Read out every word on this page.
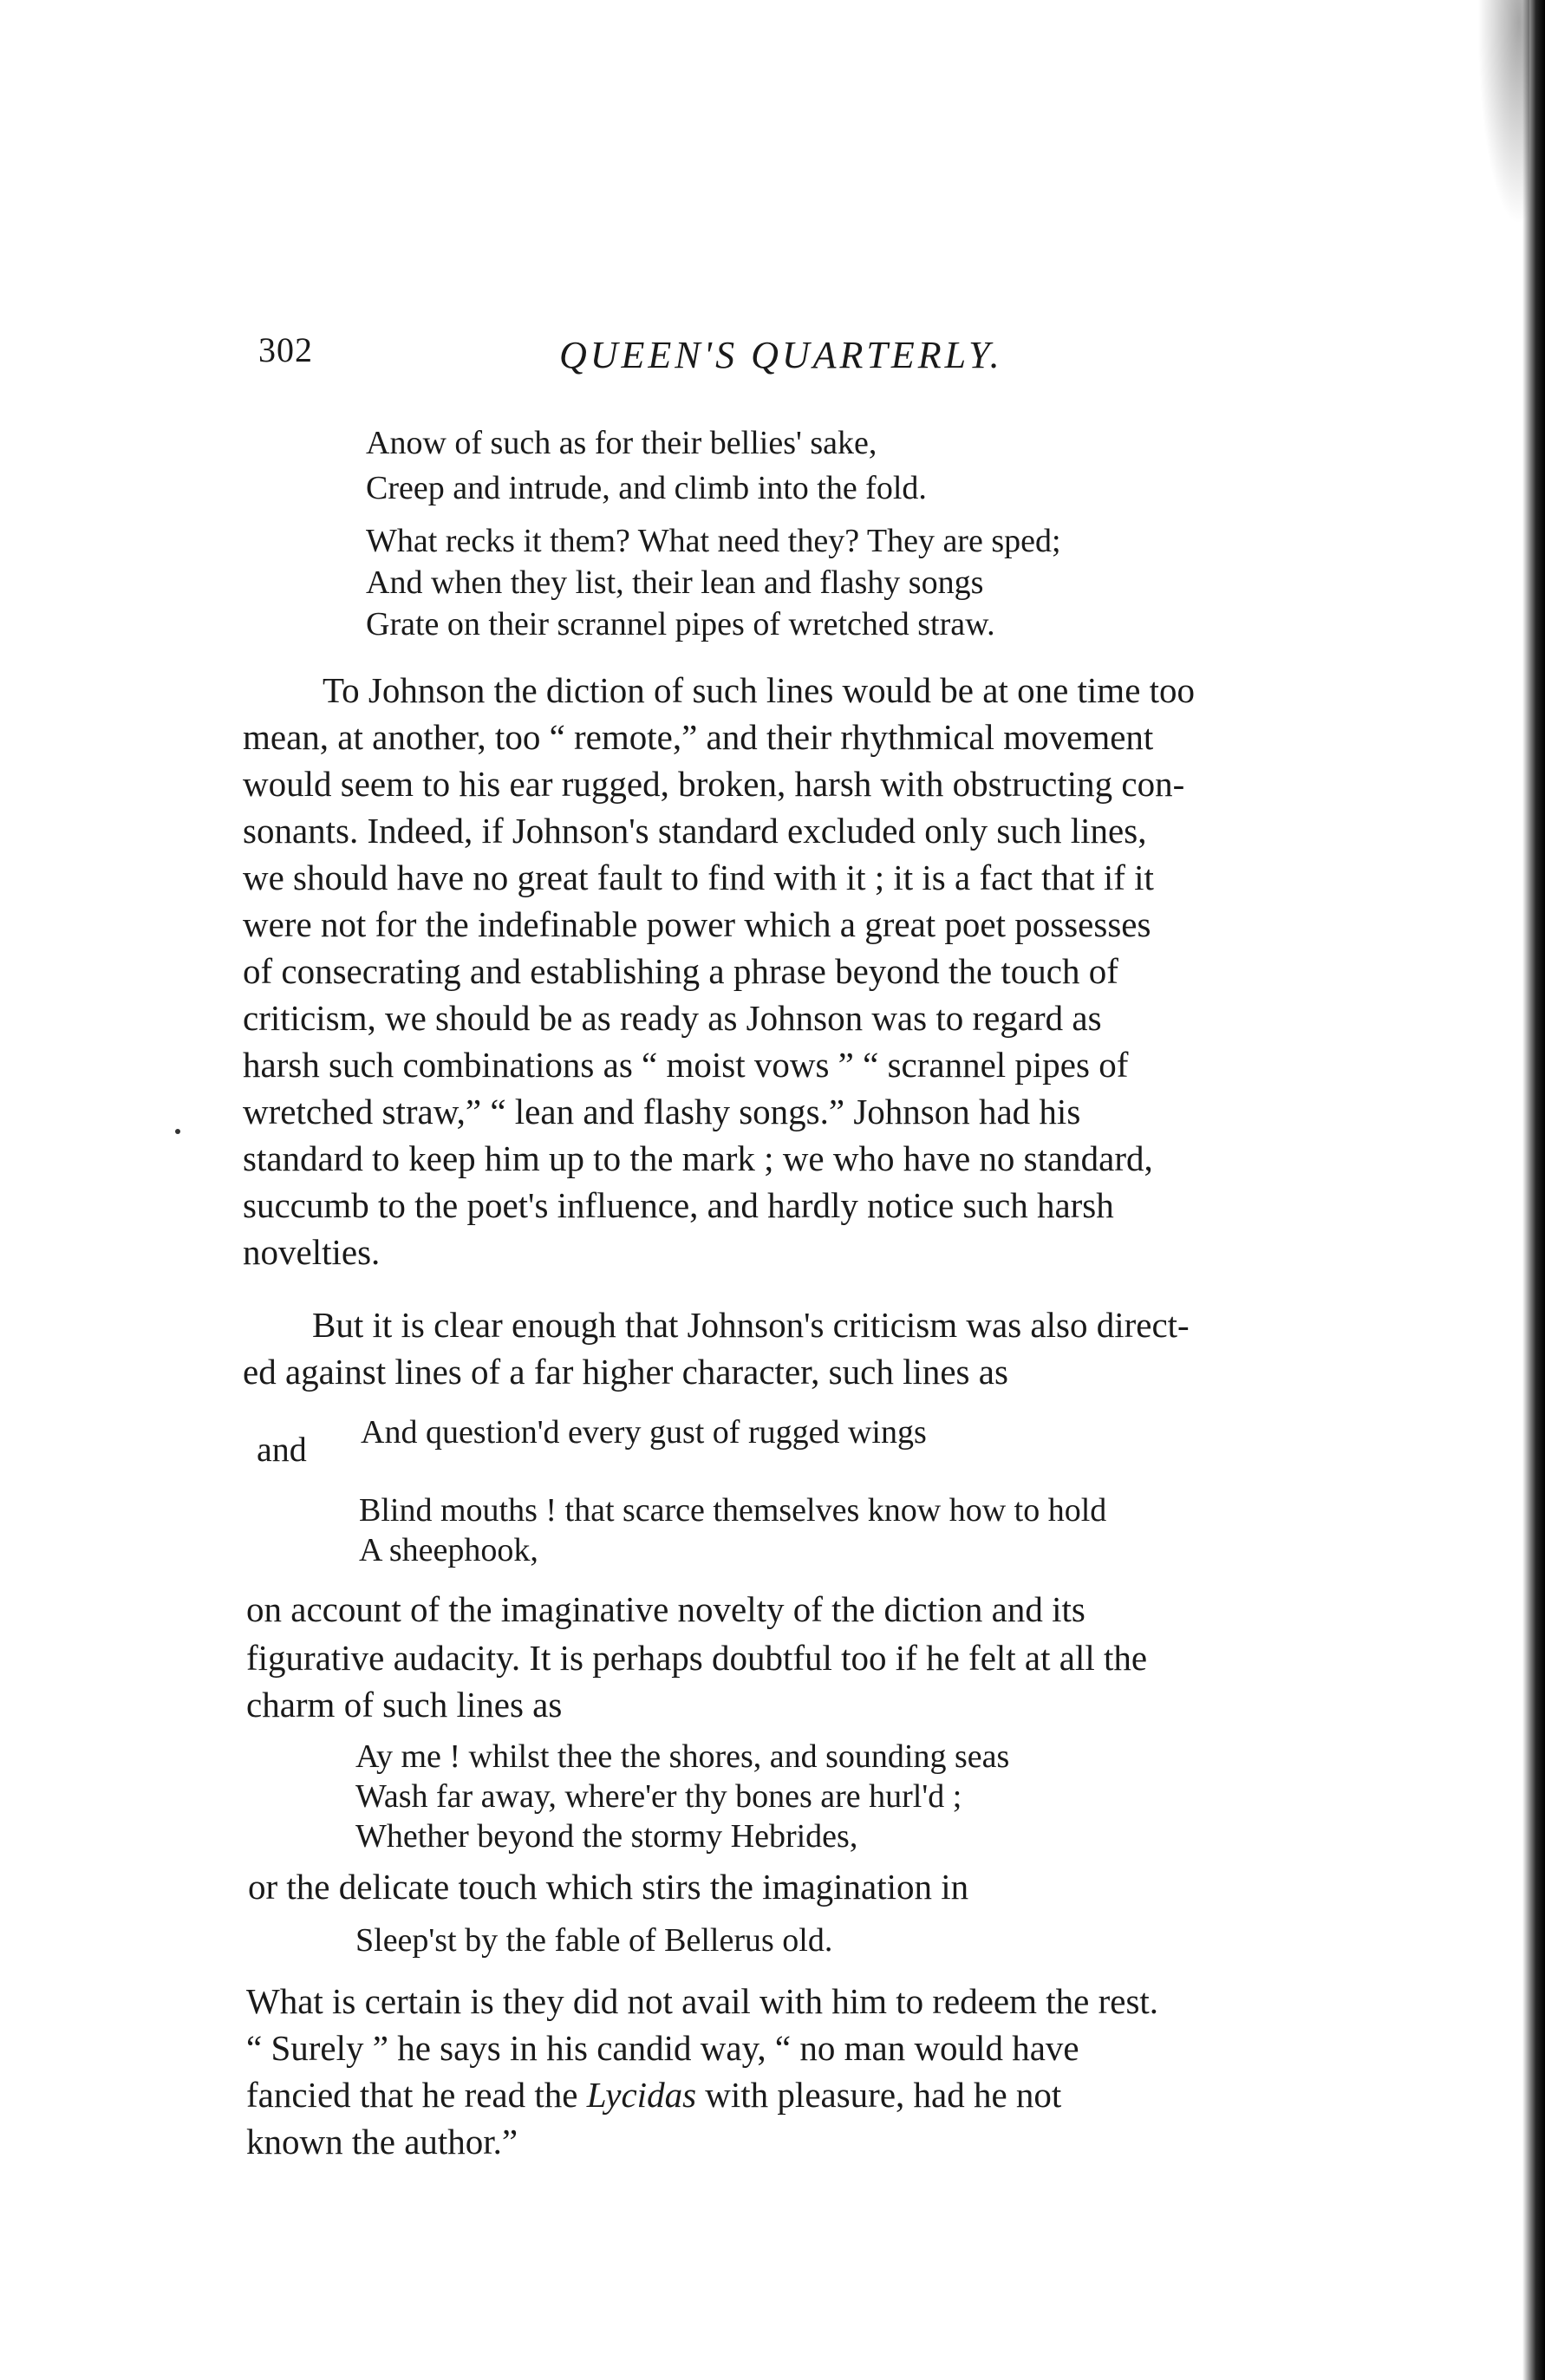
302	QUEEN'S QUARTERLY.
Anow of such as for their bellies' sake,
Creep and intrude, and climb into the fold.
What recks it them? What need they? They are sped;
And when they list, their lean and flashy songs
Grate on their scrannel pipes of wretched straw.
To Johnson the diction of such lines would be at one time too
mean, at another, too “ remote,” and their rhythmical movement
would seem to his ear rugged, broken, harsh with obstructing con-
sonants. Indeed, if Johnson's standard excluded only such lines,
we should have no great fault to find with it ; it is a fact that if it
were not for the indefinable power which a great poet possesses
of consecrating and establishing a phrase beyond the touch of
criticism, we should be as ready as Johnson was to regard as
harsh such combinations as “ moist vows ” “ scrannel pipes of
wretched straw,” “ lean and flashy songs.” Johnson had his
standard to keep him up to the mark ; we who have no standard,
succumb to the poet's influence, and hardly notice such harsh
novelties.
But it is clear enough that Johnson's criticism was also direct-
ed against lines of a far higher character, such lines as
And question'd every gust of rugged wings
and
Blind mouths ! that scarce themselves know how to hold
A sheephook,
on account of the imaginative novelty of the diction and its
figurative audacity. It is perhaps doubtful too if he felt at all the
charm of such lines as
Ay me ! whilst thee the shores, and sounding seas
Wash far away, where'er thy bones are hurl'd ;
Whether beyond the stormy Hebrides,
or the delicate touch which stirs the imagination in
Sleep'st by the fable of Bellerus old.
What is certain is they did not avail with him to redeem the rest.
“ Surely ” he says in his candid way, “ no man would have
fancied that he read the Lycidas with pleasure, had he not
known the author.”
